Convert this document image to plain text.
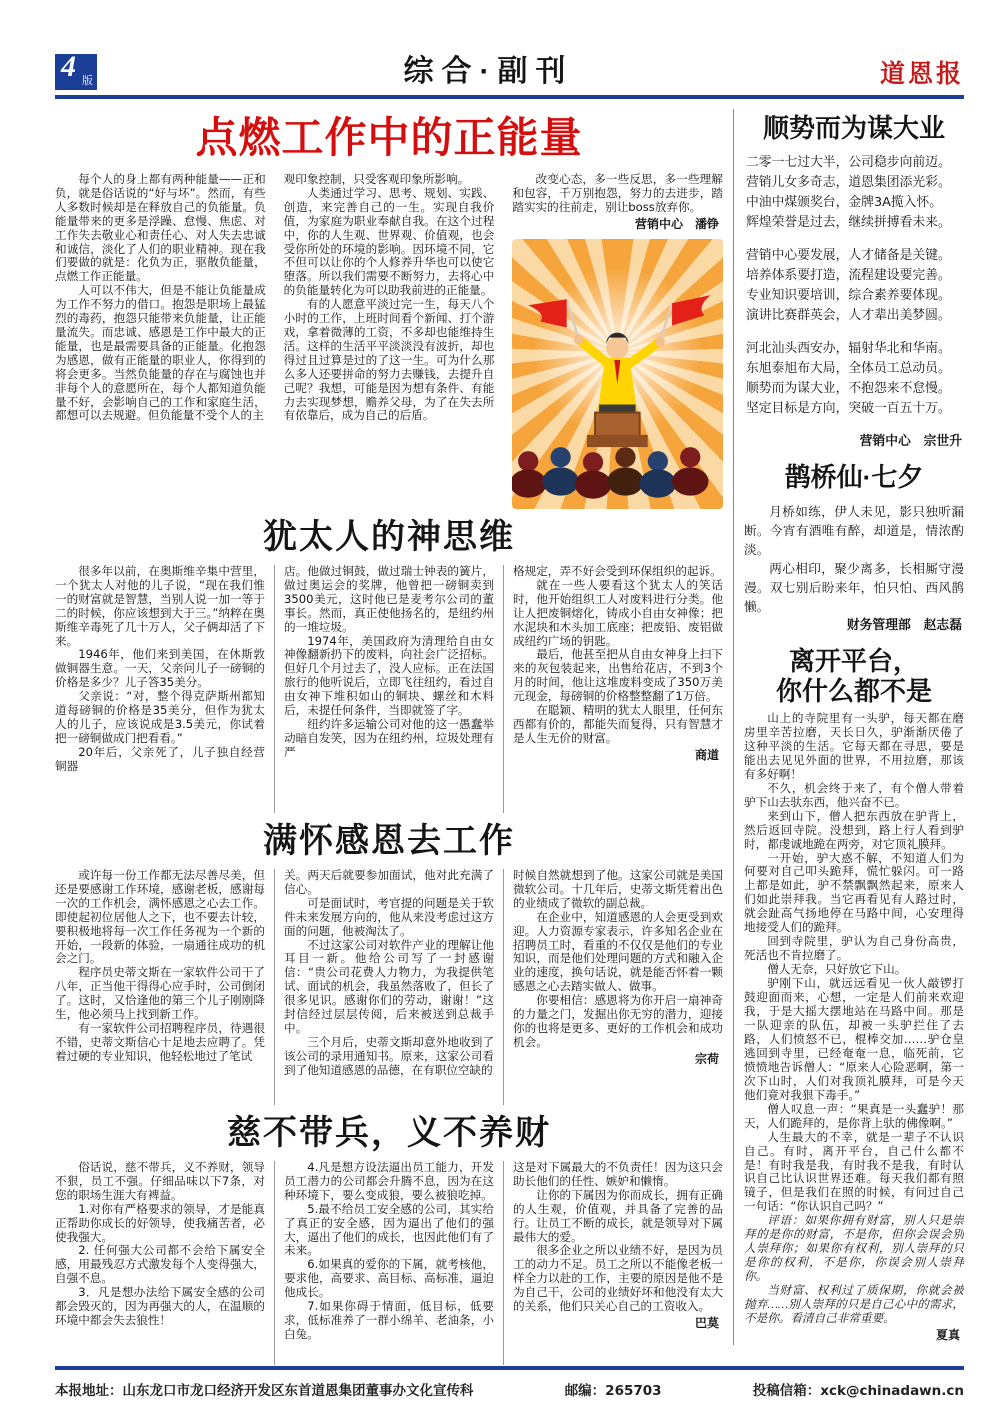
4 版	综合·副刊	道恩报
点燃工作中的正能量

每个人的身上都有两种能量——正和负，就是俗话说的“好与坏”。然而，有些人多数时候却是在释放自己的负能量。负能量带来的更多是浮躁、怠慢、焦虑、对工作失去敬业心和责任心、对人失去忠诚和诚信，淡化了人们的职业精神。现在我们要做的就是：化负为正，驱散负能量，点燃工作正能量。

人可以不伟大，但是不能让负能量成为工作不努力的借口。抱怨是职场上最猛烈的毒药，抱怨只能带来负能量，让正能量流失。而忠诚、感恩是工作中最大的正能量，也是最需要具备的正能量。化抱怨为感恩，做有正能量的职业人，你得到的将会更多。当然负能量的存在与腐蚀也并非每个人的意愿所在，每个人都知道负能量不好，会影响自己的工作和家庭生活，都想可以去规避。但负能量不受个人的主

观印象控制，只受客观印象所影响。

人类通过学习、思考、规划、实践、创造，来完善自己的一生。实现自我价值，为家庭为职业奉献自我。在这个过程中，你的人生观、世界观、价值观，也会受你所处的环境的影响。因环境不同，它不但可以让你的个人修养升华也可以使它堕落。所以我们需要不断努力，去将心中的负能量转化为可以助我前进的正能量。

有的人愿意平淡过完一生，每天八个小时的工作，上班时间看个新闻、打个游戏，拿着微薄的工资，不多却也能维持生活。这样的生活平平淡淡没有波折，却也得过且过算是过的了这一生。可为什么那么多人还要拼命的努力去赚钱，去提升自己呢？我想，可能是因为想有条件、有能力去实现梦想，赡养父母，为了在失去所有依靠后，成为自己的后盾。

改变心态，多一些反思，多一些理解和包容，千万别抱怨，努力的去进步，踏踏实实的往前走，别让boss放弃你。

营销中心　潘铮
犹太人的神思维

很多年以前，在奥斯维辛集中营里，一个犹太人对他的儿子说，“现在我们惟一的财富就是智慧，当别人说一加一等于二的时候，你应该想到大于三。”纳粹在奥斯维辛毒死了几十万人，父子俩却活了下来。

1946年，他们来到美国，在休斯敦做铜器生意。一天，父亲问儿子一磅铜的价格是多少？儿子答35美分。

父亲说：“对，整个得克萨斯州都知道每磅铜的价格是35美分，但作为犹太人的儿子，应该说成是3.5美元，你试着把一磅铜做成门把看看。”

20年后，父亲死了，儿子独自经营铜器

店。他做过铜鼓，做过瑞士钟表的簧片，做过奥运会的奖牌，他曾把一磅铜卖到3500美元，这时他已是麦考尔公司的董事长。然而，真正使他扬名的，是纽约州的一堆垃圾。

1974年，美国政府为清理给自由女神像翻新扔下的废料，向社会广泛招标。但好几个月过去了，没人应标。正在法国旅行的他听说后，立即飞往纽约，看过自由女神下堆积如山的铜块、螺丝和木料后，未提任何条件，当即就签了字。

纽约许多运输公司对他的这一愚蠢举动暗自发笑，因为在纽约州，垃圾处理有严

格规定，弄不好会受到环保组织的起诉。

就在一些人要看这个犹太人的笑话时，他开始组织工人对废料进行分类。他让人把废铜熔化，铸成小自由女神像；把水泥块和木头加工底座；把废铅、废铝做成纽约广场的钥匙。

最后，他甚至把从自由女神身上扫下来的灰包装起来，出售给花店，不到3个月的时间，他让这堆废料变成了350万美元现金，每磅铜的价格整整翻了1万倍。

在聪颖、精明的犹太人眼里，任何东西都有价的，都能失而复得，只有智慧才是人生无价的财富。

商道
满怀感恩去工作

或许每一份工作都无法尽善尽美，但还是要感谢工作环境，感谢老板，感谢每一次的工作机会，满怀感恩之心去工作。即使起初位居他人之下，也不要去计较，要积极地将每一次工作任务视为一个新的开始，一段新的体验，一扇通往成功的机会之门。

程序员史蒂文斯在一家软件公司干了八年，正当他干得得心应手时，公司倒闭了。这时，又恰逢他的第三个儿子刚刚降生，他必须马上找到新工作。

有一家软件公司招聘程序员，待遇很不错，史蒂文斯信心十足地去应聘了。凭着过硬的专业知识，他轻松地过了笔试

关。两天后就要参加面试，他对此充满了信心。

可是面试时，考官提的问题是关于软件未来发展方向的，他从来没考虑过这方面的问题，他被淘汰了。

不过这家公司对软件产业的理解让他耳目一新。他给公司写了一封感谢信：“贵公司花费人力物力，为我提供笔试、面试的机会，我虽然落败了，但长了很多见识。感谢你们的劳动，谢谢！”这封信经过层层传阅，后来被送到总裁手中。

三个月后，史蒂文斯却意外地收到了该公司的录用通知书。原来，这家公司看到了他知道感恩的品德，在有职位空缺的

时候自然就想到了他。这家公司就是美国微软公司。十几年后，史蒂文斯凭着出色的业绩成了微软的副总裁。

在企业中，知道感恩的人会更受到欢迎。人力资源专家表示，许多知名企业在招聘员工时，看重的不仅仅是他们的专业知识，而是他们处理问题的方式和融入企业的速度，换句话说，就是能否怀着一颗感恩之心去踏实做人、做事。

你要相信：感恩将为你开启一扇神奇的力量之门，发掘出你无穷的潜力，迎接你的也将是更多、更好的工作机会和成功机会。

宗荷
慈不带兵，义不养财

俗话说，慈不带兵，义不养财，领导不狠，员工不强。仔细品味以下7条，对您的职场生涯大有裨益。

1.对你有严格要求的领导，才是能真正帮助你成长的好领导，使我痛苦者，必使我强大。

2. 任何强大公司都不会给下属安全感，用最残忍方式激发每个人变得强大，自强不息。

3．凡是想办法给下属安全感的公司都会毁灭的，因为再强大的人，在温顺的环境中都会失去狼性！

4.凡是想方设法逼出员工能力，开发员工潜力的公司都会升腾不息，因为在这种环境下，要么变成狼，要么被狼吃掉。

5.最不给员工安全感的公司，其实给了真正的安全感，因为逼出了他们的强大，逼出了他们的成长，也因此他们有了未来。

6.如果真的爱你的下属，就考核他，要求他，高要求、高目标、高标准，逼迫他成长。

7.如果你碍于情面，低目标，低要求，低标准养了一群小绵羊、老油条，小白兔。

这是对下属最大的不负责任！因为这只会助长他们的任性、嫉妒和懒惰。

让你的下属因为你而成长，拥有正确的人生观，价值观，并具备了完善的品行。让员工不断的成长，就是领导对下属最伟大的爱。

很多企业之所以业绩不好，是因为员工的动力不足。员工之所以不能像老板一样全力以赴的工作，主要的原因是他不是为自己干，公司的业绩好坏和他没有太大的关系，他们只关心自己的工资收入。

巴莫
顺势而为谋大业
二零一七过大半，公司稳步向前迈。
营销儿女多奇志，道恩集团添光彩。
中油中煤颁奖台，金牌3A揽入怀。
辉煌荣誉是过去，继续拼搏看未来。
营销中心要发展，人才储备是关键。
培养体系要打造，流程建设要完善。
专业知识要培训，综合素养要体现。
演讲比赛群英会，人才辈出美梦圆。
河北汕头西安办，辐射华北和华南。
东旭泰旭布大局，全体员工总动员。
顺势而为谋大业，不抱怨来不怠慢。
坚定目标是方向，突破一百五十万。
营销中心　宗世升
鹊桥仙·七夕

月桥如练，伊人未见，影只独听漏断。今宵有酒唯有醉，却道是，情浓酌淡。

两心相印，聚少离多，长相厮守漫漫。双七别后盼来年，怕只怕、西风鹊懒。

财务管理部　赵志磊
离开平台，
你什么都不是

山上的寺院里有一头驴，每天都在磨房里辛苦拉磨，天长日久，驴渐渐厌倦了这种平淡的生活。它每天都在寻思，要是能出去见见外面的世界，不用拉磨，那该有多好啊！

不久，机会终于来了，有个僧人带着驴下山去驮东西，他兴奋不已。

来到山下，僧人把东西放在驴背上，然后返回寺院。没想到，路上行人看到驴时，都虔诚地跪在两旁，对它顶礼膜拜。

一开始，驴大惑不解，不知道人们为何要对自己叩头跪拜，慌忙躲闪。可一路上都是如此，驴不禁飘飘然起来，原来人们如此崇拜我。当它再看见有人路过时，就会趾高气扬地停在马路中间，心安理得地接受人们的跪拜。

回到寺院里，驴认为自己身份高贵，死活也不肯拉磨了。

僧人无奈，只好放它下山。

驴刚下山，就远远看见一伙人敲锣打鼓迎面而来，心想，一定是人们前来欢迎我，于是大摇大摆地站在马路中间。那是一队迎亲的队伍，却被一头驴拦住了去路，人们愤怒不已，棍棒交加……驴仓皇逃回到寺里，已经奄奄一息，临死前，它愤愤地告诉僧人：“原来人心险恶啊，第一次下山时，人们对我顶礼膜拜，可是今天他们竟对我狠下毒手。”

僧人叹息一声：“果真是一头蠢驴！那天，人们跪拜的，是你背上驮的佛像啊。”

人生最大的不幸，就是一辈子不认识自己。有时，离开平台，自己什么都不是！有时我是我，有时我不是我，有时认识自己比认识世界还难。每天我们都有照镜子，但是我们在照的时候，有问过自己一句话：“你认识自己吗？”

评语：如果你拥有财富，别人只是崇拜的是你的财富，不是你，但你会误会别人崇拜你；如果你有权利，别人崇拜的只是你的权利，不是你，你误会别人崇拜你。

当财富、权利过了质保期，你就会被抛弃……别人崇拜的只是自己心中的需求，不是你。看清自己非常重要。

夏真
本报地址：山东龙口市龙口经济开发区东首道恩集团董事办文化宣传科	邮编：265703	投稿信箱：xck@chinadawn.cn
